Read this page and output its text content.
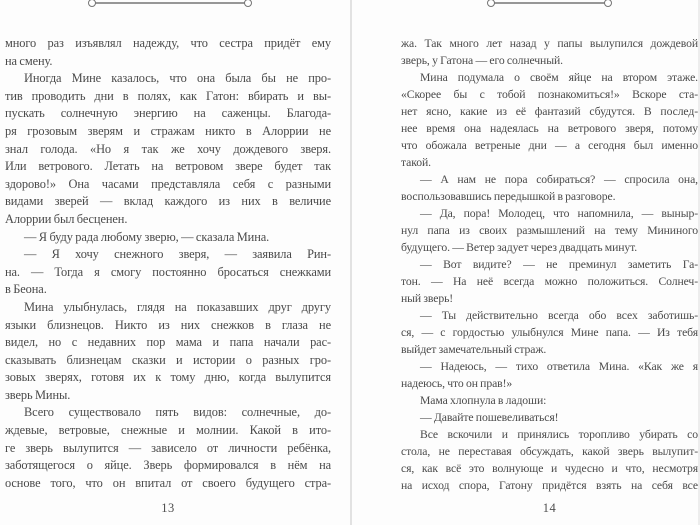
много раз изъявлял надежду, что сестра придёт ему
на смену.
Иногда Мине казалось, что она была бы не про-
тив проводить дни в полях, как Гатон: вбирать и вы-
пускать солнечную энергию на саженцы. Благода-
ря грозовым зверям и стражам никто в Алоррии не
знал голода. «Но я так же хочу дождевого зверя.
Или ветрового. Летать на ветровом звере будет так
здорово!» Она часами представляла себя с разными
видами зверей — вклад каждого из них в величие
Алоррии был бесценен.
— Я буду рада любому зверю, — сказала Мина.
— Я хочу снежного зверя, — заявила Рин-
на. — Тогда я смогу постоянно бросаться снежками
в Беона.
Мина улыбнулась, глядя на показавших друг другу
языки близнецов. Никто из них снежков в глаза не
видел, но с недавних пор мама и папа начали рас-
сказывать близнецам сказки и истории о разных гро-
зовых зверях, готовя их к тому дню, когда вылупится
зверь Мины.
Всего существовало пять видов: солнечные, до-
ждевые, ветровые, снежные и молнии. Какой в ито-
ге зверь вылупится — зависело от личности ребёнка,
заботящегося о яйце. Зверь формировался в нём на
основе того, что он впитал от своего будущего стра-
13
жа. Так много лет назад у папы вылупился дождевой
зверь, у Гатона — его солнечный.
Мина подумала о своём яйце на втором этаже.
«Скорее бы с тобой познакомиться!» Вскоре ста-
нет ясно, какие из её фантазий сбудутся. В послед-
нее время она надеялась на ветрового зверя, потому
что обожала ветреные дни — а сегодня был именно
такой.
— А нам не пора собираться? — спросила она,
воспользовавшись передышкой в разговоре.
— Да, пора! Молодец, что напомнила, — выныр-
нул папа из своих размышлений на тему Мининого
будущего. — Ветер задует через двадцать минут.
— Вот видите? — не преминул заметить Га-
тон. — На неё всегда можно положиться. Солнеч-
ный зверь!
— Ты действительно всегда обо всех заботишь-
ся, — с гордостью улыбнулся Мине папа. — Из тебя
выйдет замечательный страж.
— Надеюсь, — тихо ответила Мина. «Как же я
надеюсь, что он прав!»
Мама хлопнула в ладоши:
— Давайте пошевеливаться!
Все вскочили и принялись торопливо убирать со
стола, не переставая обсуждать, какой зверь вылупит-
ся, как всё это волнующе и чудесно и что, несмотря
на исход спора, Гатону придётся взять на себя все
14
